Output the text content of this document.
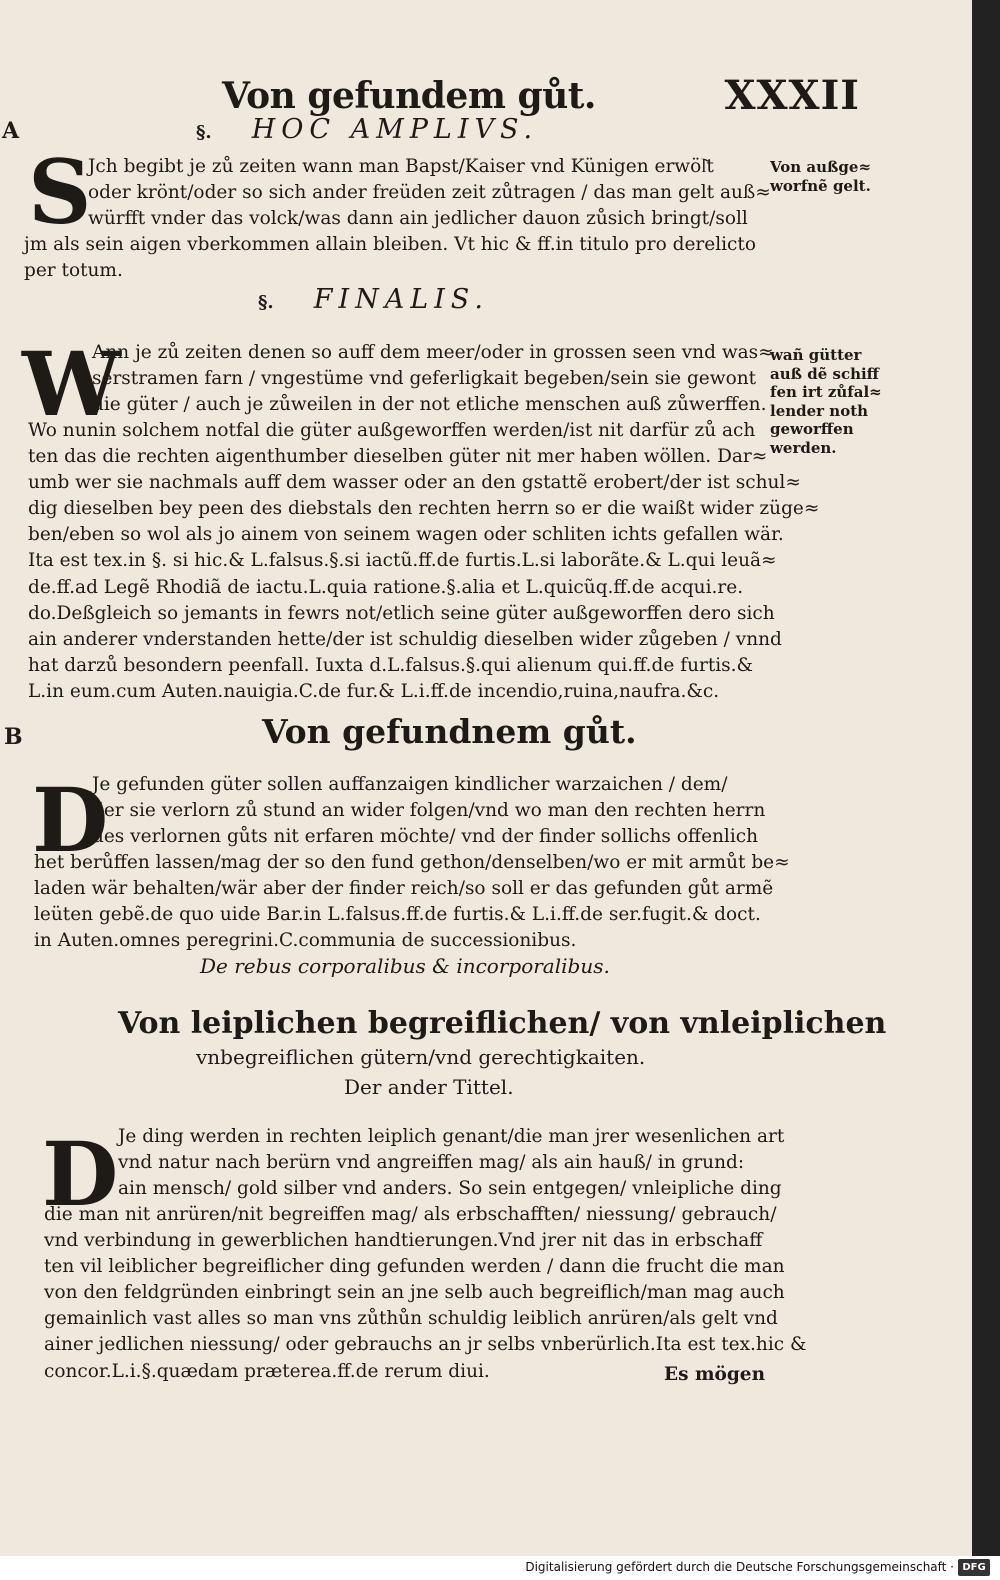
Von gefundem gůt.	XXXII
A	§. HOC AMPLIVS.
S

Jch begibt je zů zeiten wann man Bapst/Kaiser vnd Künigen erwöl͂t

oder krönt/oder so sich ander freüden zeit zůtragen / das man gelt auß≈

würfft vnder das volck/was dann ain jedlicher dauon zůsich bringt/soll

jm als sein aigen vberkommen allain bleiben. Vt hic & ff.in titulo pro derelicto

per totum.

Von außge≈
worfnẽ gelt.
§. FINALIS.
W

Ann je zů zeiten denen so auff dem meer/oder in grossen seen vnd was≈

serstramen farn / vngestüme vnd geferligkait begeben/sein sie gewont

die güter / auch je zůweilen in der not etliche menschen auß zůwerffen.

Wo nunin solchem notfal die güter außgeworffen werden/ist nit darfür zů ach

ten das die rechten aigenthumber dieselben güter nit mer haben wöllen. Dar≈

umb wer sie nachmals auff dem wasser oder an den gstattẽ erobert/der ist schul≈

dig dieselben bey peen des diebstals den rechten herrn so er die waißt wider züge≈

ben/eben so wol als jo ainem von seinem wagen oder schliten ichts gefallen wär.

Ita est tex.in §. si hic.& L.falsus.§.si iactũ.ff.de furtis.L.si laborãte.& L.qui leuã≈

de.ff.ad Legẽ Rhodiã de iactu.L.quia ratione.§.alia et L.quicũq.ff.de acqui.re.

do.Deßgleich so jemants in fewrs not/etlich seine güter außgeworffen dero sich

ain anderer vnderstanden hette/der ist schuldig dieselben wider zůgeben / vnnd

hat darzů besondern peenfall. Iuxta d.L.falsus.§.qui alienum qui.ff.de furtis.&

L.in eum.cum Auten.nauigia.C.de fur.& L.i.ff.de incendio,ruina,naufra.&c.

wañ gütter
auß dẽ schiff
fen irt zůfal≈
lender noth
geworffen
werden.
B	Von gefundnem gůt.
D

Je gefunden güter sollen auffanzaigen kindlicher warzaichen / dem/

der sie verlorn zů stund an wider folgen/vnd wo man den rechten herrn

des verlornen gůts nit erfaren möchte/ vnd der finder sollichs offenlich

het berůffen lassen/mag der so den fund gethon/denselben/wo er mit armůt be≈

laden wär behalten/wär aber der finder reich/so soll er das gefunden gůt armẽ

leüten gebẽ.de quo uide Bar.in L.falsus.ff.de furtis.& L.i.ff.de ser.fugit.& doct.

in Auten.omnes peregrini.C.communia de successionibus.

De rebus corporalibus & incorporalibus.
Von leiplichen begreiflichen/ von vnleiplichen
vnbegreiflichen gütern/vnd gerechtigkaiten.
Der ander Tittel.
D Je ding werden in rechten leiplich genant/die man jrer wesenlichen art

vnd natur nach berürn vnd angreiffen mag/ als ain hauß/ in grund:

ain mensch/ gold silber vnd anders. So sein entgegen/ vnleipliche ding

die man nit anrüren/nit begreiffen mag/ als erbschafften/ niessung/ gebrauch/

vnd verbindung in gewerblichen handtierungen.Vnd jrer nit das in erbschaff

ten vil leiblicher begreiflicher ding gefunden werden / dann die frucht die man

von den feldgründen einbringt sein an jne selb auch begreiflich/man mag auch

gemainlich vast alles so man vns zůthůn schuldig leiblich anrüren/als gelt vnd

ainer jedlichen niessung/ oder gebrauchs an jr selbs vnberürlich.Ita est tex.hic &

concor.L.i.§.quædam præterea.ff.de rerum diui.	Es mögen
Digitalisierung gefördert durch die Deutsche Forschungsgemeinschaft · DFG
